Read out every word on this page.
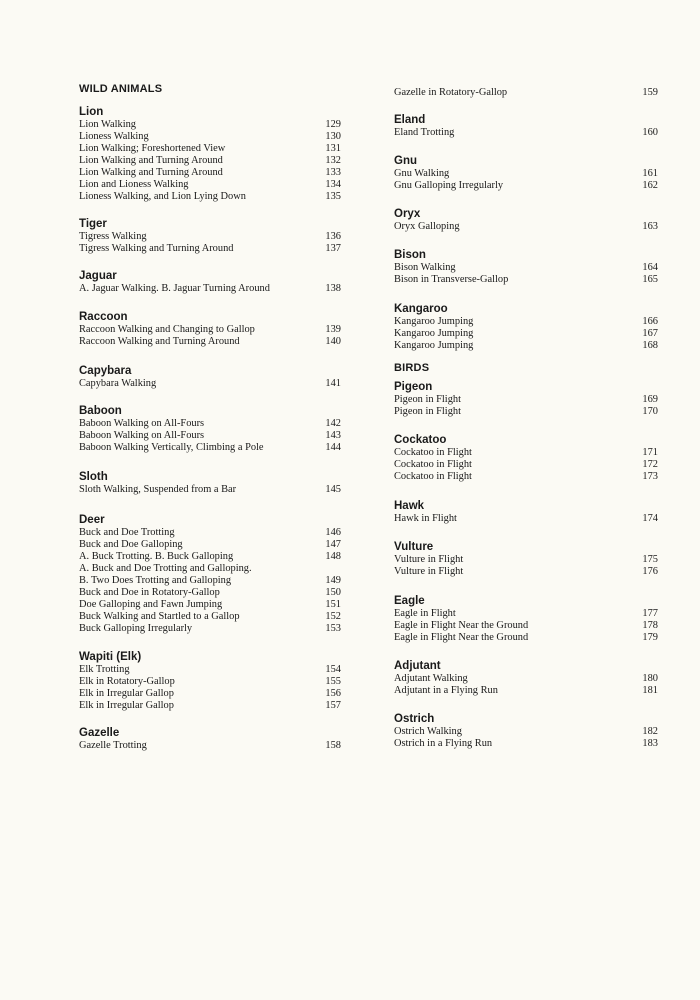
WILD ANIMALS
Lion
Lion Walking	129
Lioness Walking	130
Lion Walking; Foreshortened View	131
Lion Walking and Turning Around	132
Lion Walking and Turning Around	133
Lion and Lioness Walking	134
Lioness Walking, and Lion Lying Down	135
Tiger
Tigress Walking	136
Tigress Walking and Turning Around	137
Jaguar
A. Jaguar Walking. B. Jaguar Turning Around	138
Raccoon
Raccoon Walking and Changing to Gallop	139
Raccoon Walking and Turning Around	140
Capybara
Capybara Walking	141
Baboon
Baboon Walking on All-Fours	142
Baboon Walking on All-Fours	143
Baboon Walking Vertically, Climbing a Pole	144
Sloth
Sloth Walking, Suspended from a Bar	145
Deer
Buck and Doe Trotting	146
Buck and Doe Galloping	147
A. Buck Trotting. B. Buck Galloping	148
A. Buck and Doe Trotting and Galloping.
B. Two Does Trotting and Galloping	149
Buck and Doe in Rotatory-Gallop	150
Doe Galloping and Fawn Jumping	151
Buck Walking and Startled to a Gallop	152
Buck Galloping Irregularly	153
Wapiti (Elk)
Elk Trotting	154
Elk in Rotatory-Gallop	155
Elk in Irregular Gallop	156
Elk in Irregular Gallop	157
Gazelle
Gazelle Trotting	158
Gazelle in Rotatory-Gallop	159
BIRDS
Eland
Eland Trotting	160
Gnu
Gnu Walking	161
Gnu Galloping Irregularly	162
Oryx
Oryx Galloping	163
Bison
Bison Walking	164
Bison in Transverse-Gallop	165
Kangaroo
Kangaroo Jumping	166
Kangaroo Jumping	167
Kangaroo Jumping	168
Pigeon
Pigeon in Flight	169
Pigeon in Flight	170
Cockatoo
Cockatoo in Flight	171
Cockatoo in Flight	172
Cockatoo in Flight	173
Hawk
Hawk in Flight	174
Vulture
Vulture in Flight	175
Vulture in Flight	176
Eagle
Eagle in Flight	177
Eagle in Flight Near the Ground	178
Eagle in Flight Near the Ground	179
Adjutant
Adjutant Walking	180
Adjutant in a Flying Run	181
Ostrich
Ostrich Walking	182
Ostrich in a Flying Run	183
